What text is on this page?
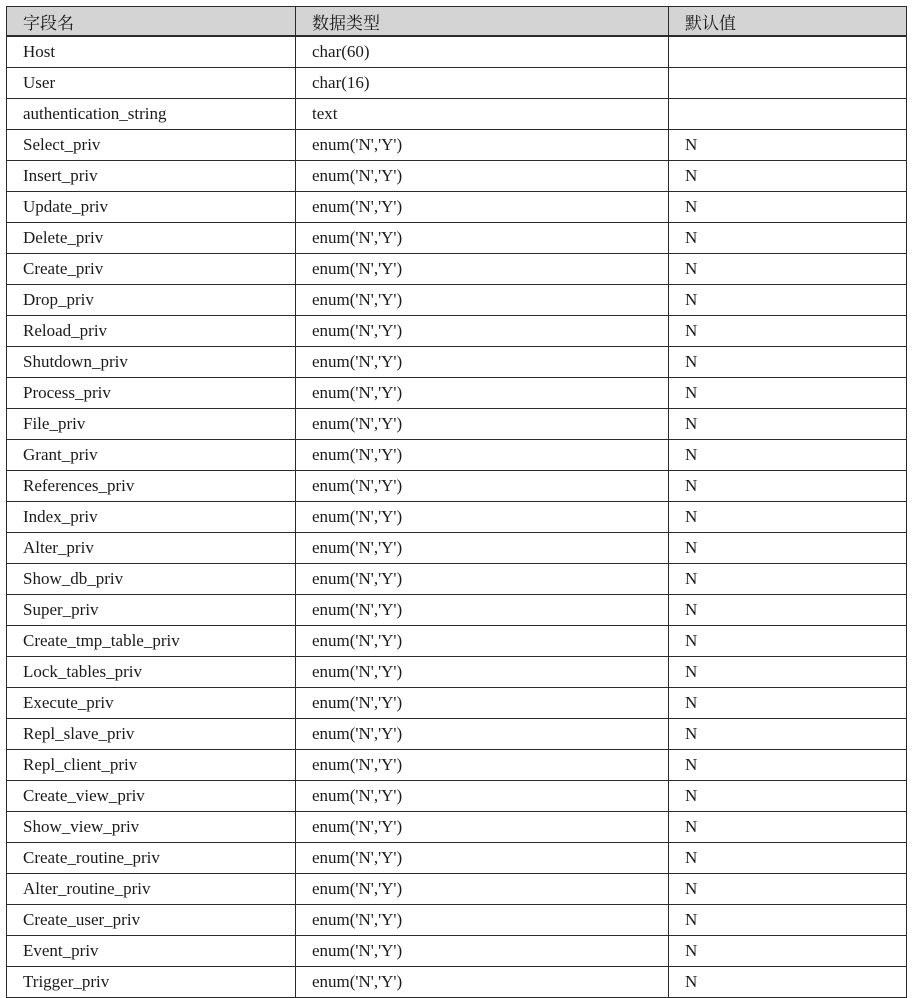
字段名	数据类型	默认值
Host	char(60)	
User	char(16)	
authentication_string	text	
Select_priv	enum('N','Y')	N
Insert_priv	enum('N','Y')	N
Update_priv	enum('N','Y')	N
Delete_priv	enum('N','Y')	N
Create_priv	enum('N','Y')	N
Drop_priv	enum('N','Y')	N
Reload_priv	enum('N','Y')	N
Shutdown_priv	enum('N','Y')	N
Process_priv	enum('N','Y')	N
File_priv	enum('N','Y')	N
Grant_priv	enum('N','Y')	N
References_priv	enum('N','Y')	N
Index_priv	enum('N','Y')	N
Alter_priv	enum('N','Y')	N
Show_db_priv	enum('N','Y')	N
Super_priv	enum('N','Y')	N
Create_tmp_table_priv	enum('N','Y')	N
Lock_tables_priv	enum('N','Y')	N
Execute_priv	enum('N','Y')	N
Repl_slave_priv	enum('N','Y')	N
Repl_client_priv	enum('N','Y')	N
Create_view_priv	enum('N','Y')	N
Show_view_priv	enum('N','Y')	N
Create_routine_priv	enum('N','Y')	N
Alter_routine_priv	enum('N','Y')	N
Create_user_priv	enum('N','Y')	N
Event_priv	enum('N','Y')	N
Trigger_priv	enum('N','Y')	N
